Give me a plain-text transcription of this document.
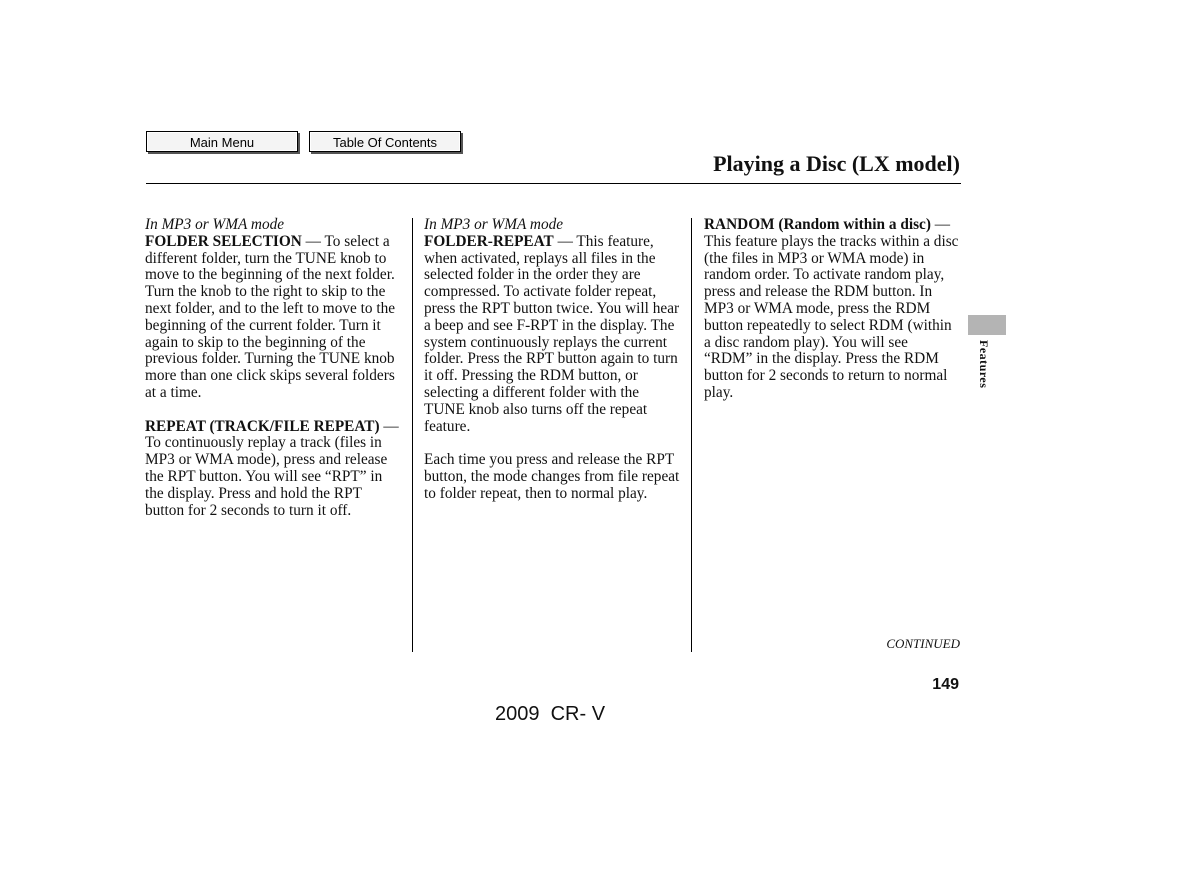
Main Menu	Table Of Contents
Playing a Disc (LX model)

In MP3 or WMA mode

FOLDER SELECTION — To select a different folder, turn the TUNE knob to move to the beginning of the next folder. Turn the knob to the right to skip to the next folder, and to the left to move to the beginning of the current folder. Turn it again to skip to the beginning of the previous folder. Turning the TUNE knob more than one click skips several folders at a time.

REPEAT (TRACK/FILE REPEAT) — To continuously replay a track (files in MP3 or WMA mode), press and release the RPT button. You will see “RPT” in the display. Press and hold the RPT button for 2 seconds to turn it off.

In MP3 or WMA mode

FOLDER-REPEAT — This feature, when activated, replays all files in the selected folder in the order they are compressed. To activate folder repeat, press the RPT button twice. You will hear a beep and see F-RPT in the display. The system continuously replays the current folder. Press the RPT button again to turn it off. Pressing the RDM button, or selecting a different folder with the TUNE knob also turns off the repeat feature.

Each time you press and release the RPT button, the mode changes from file repeat to folder repeat, then to normal play.

RANDOM (Random within a disc) — This feature plays the tracks within a disc (the files in MP3 or WMA mode) in random order. To activate random play, press and release the RDM button. In MP3 or WMA mode, press the RDM button repeatedly to select RDM (within a disc random play). You will see “RDM” in the display. Press the RDM button for 2 seconds to return to normal play.

Features
CONTINUED
149
2009  CR- V
